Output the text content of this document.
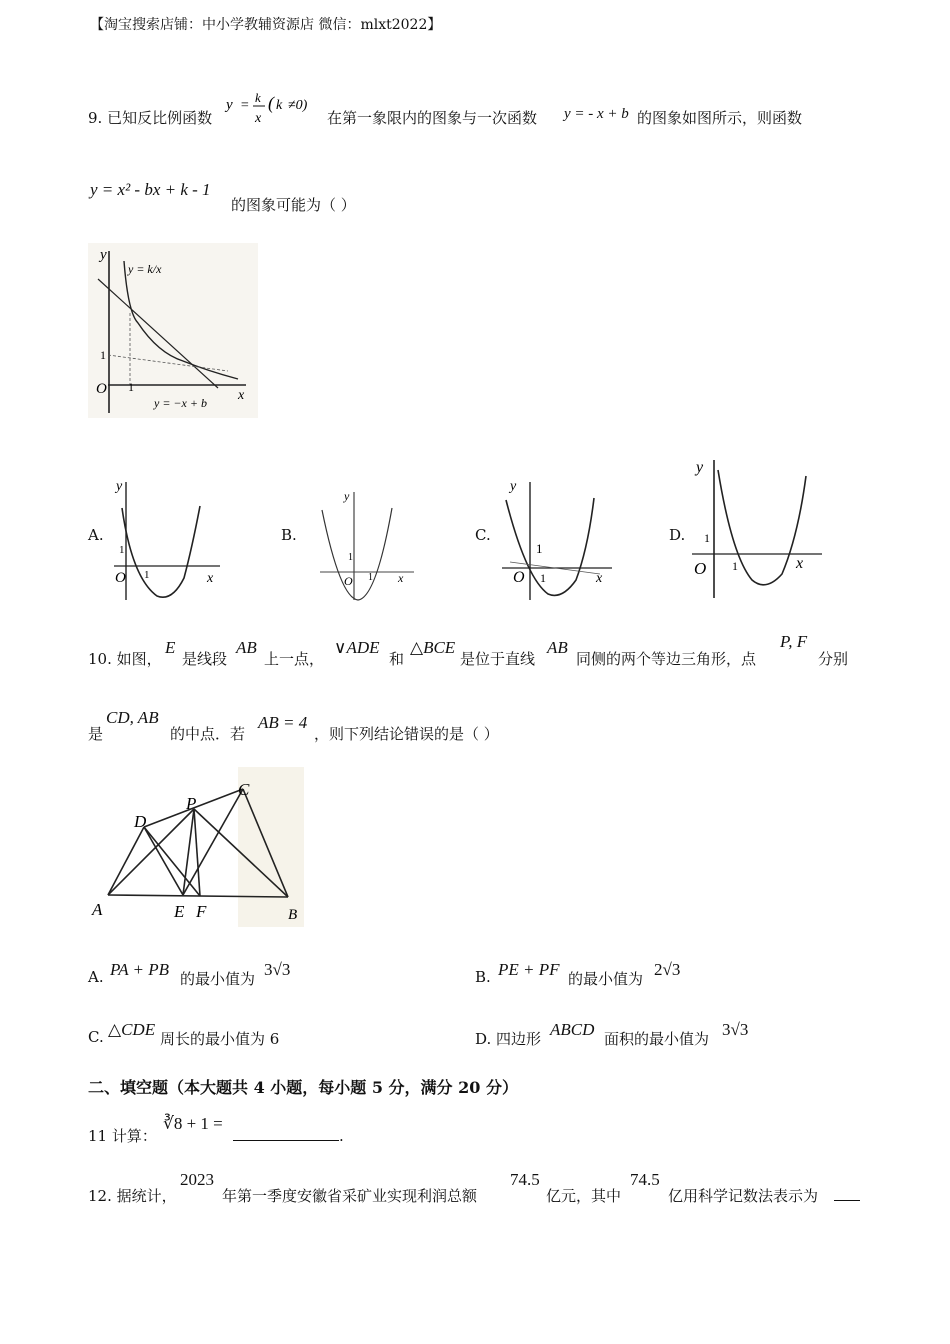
【淘宝搜索店铺：中小学教辅资源店 微信：mlxt2022】
9. 已知反比例函数
y =
k
x
( k ≠0)
在第一象限内的图象与一次函数 y = - x + b 的图象如图所示，则函数
y = x² - bx + k - 1
的图象可能为（ ）
y
y = k/x
1
O 1
x
y = −x + b
A.
y
1
O 1	x
B.
y
1
O 1 x
C.
y
1
O 1	x
D.
y
1
O 1	x
10. 如图，
E
是线段
AB
上一点，
∨ADE
和
△BCE
是位于直线
AB
同侧的两个等边三角形，点
P, F
分别
是
CD, AB
的中点．若
AB = 4
，则下列结论错误的是（ ）
A
D
P
C
E F	B
A. PA + PB 的最小值为 3√3	B. PE + PF 的最小值为 2√3
C. △CDE 周长的最小值为 6	D. 四边形 ABCD 面积的最小值为 3√3
二、填空题（本大题共 4 小题，每小题 5 分，满分 20 分）
11 计算：
∛8 + 1 =
.
12. 据统计，
2023
年第一季度安徽省采矿业实现利润总额
74.5
亿元，其中
74.5
亿用科学记数法表示为
